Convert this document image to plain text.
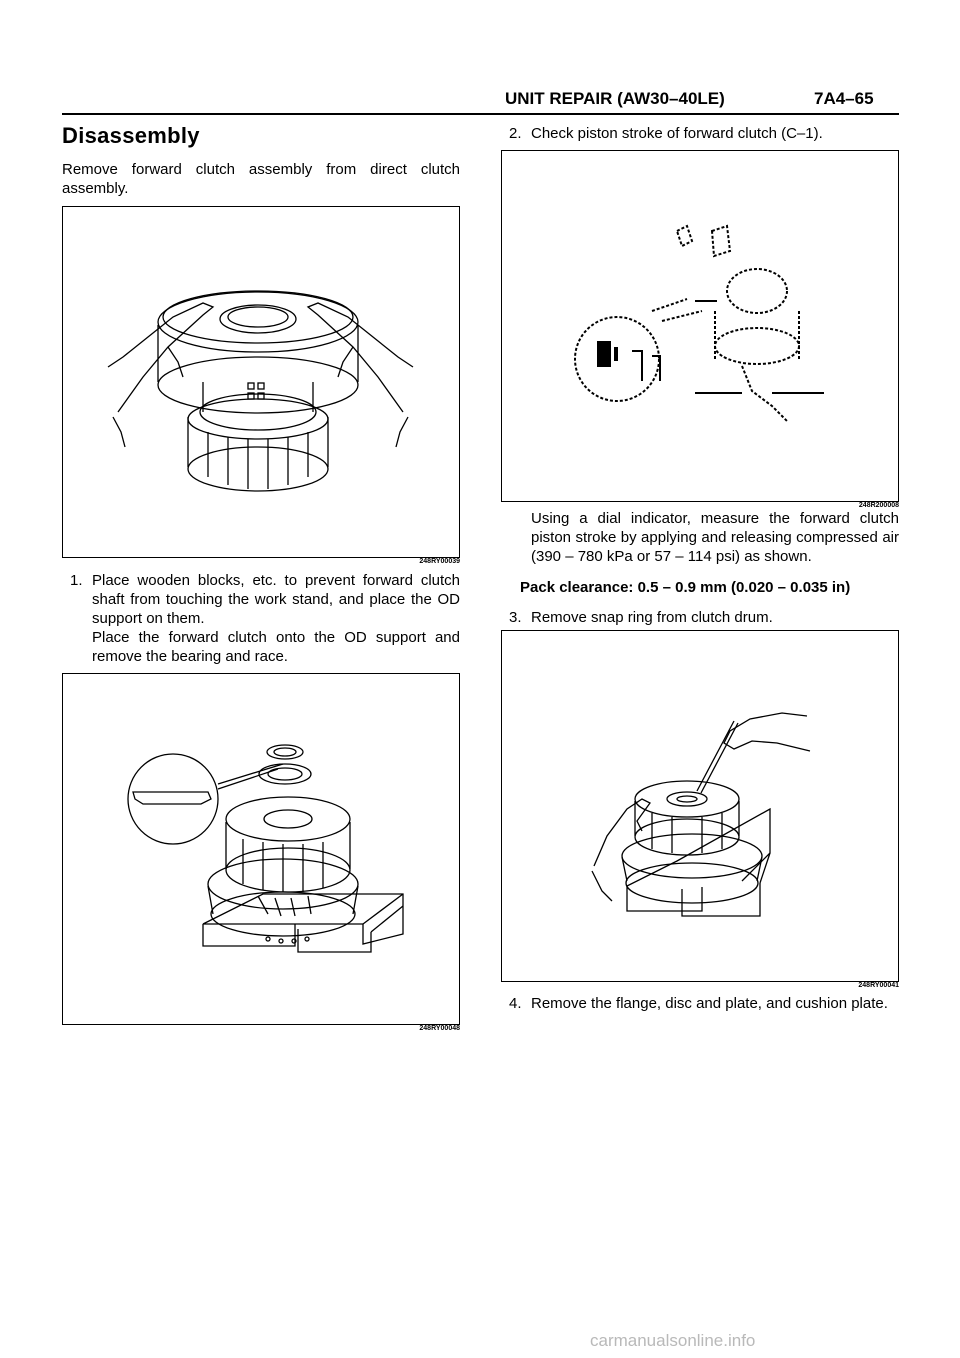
UNIT REPAIR (AW30–40LE)	7A4–65
Disassembly
Remove forward clutch assembly from direct clutch assembly.
248RY00039
1. Place wooden blocks, etc. to prevent forward clutch shaft from touching the work stand, and place the OD support on them.
Place the forward clutch onto the OD support and remove the bearing and race.
248RY00048
2. Check piston stroke of forward clutch (C–1).
248R200008
Using a dial indicator, measure the forward clutch piston stroke by applying and releasing compressed air (390 – 780 kPa or 57 – 114 psi) as shown.
Pack clearance: 0.5 – 0.9 mm (0.020 – 0.035 in)
3. Remove snap ring from clutch drum.
248RY00041
4. Remove the flange, disc and plate, and cushion plate.
carmanualsonline.info
